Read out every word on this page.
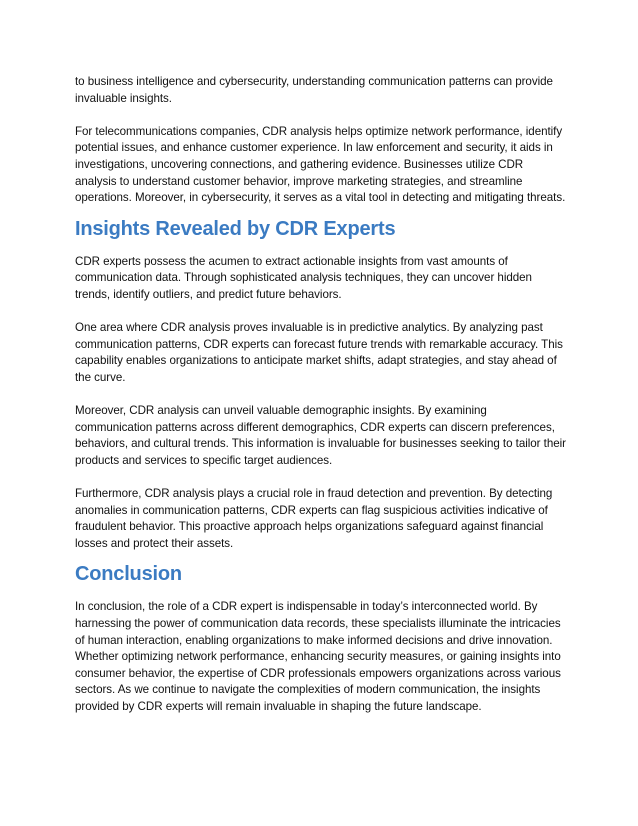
to business intelligence and cybersecurity, understanding communication patterns can provide invaluable insights.

For telecommunications companies, CDR analysis helps optimize network performance, identify potential issues, and enhance customer experience. In law enforcement and security, it aids in investigations, uncovering connections, and gathering evidence. Businesses utilize CDR analysis to understand customer behavior, improve marketing strategies, and streamline operations. Moreover, in cybersecurity, it serves as a vital tool in detecting and mitigating threats.

Insights Revealed by CDR Experts

CDR experts possess the acumen to extract actionable insights from vast amounts of communication data. Through sophisticated analysis techniques, they can uncover hidden trends, identify outliers, and predict future behaviors.

One area where CDR analysis proves invaluable is in predictive analytics. By analyzing past communication patterns, CDR experts can forecast future trends with remarkable accuracy. This capability enables organizations to anticipate market shifts, adapt strategies, and stay ahead of the curve.

Moreover, CDR analysis can unveil valuable demographic insights. By examining communication patterns across different demographics, CDR experts can discern preferences, behaviors, and cultural trends. This information is invaluable for businesses seeking to tailor their products and services to specific target audiences.

Furthermore, CDR analysis plays a crucial role in fraud detection and prevention. By detecting anomalies in communication patterns, CDR experts can flag suspicious activities indicative of fraudulent behavior. This proactive approach helps organizations safeguard against financial losses and protect their assets.

Conclusion

In conclusion, the role of a CDR expert is indispensable in today’s interconnected world. By harnessing the power of communication data records, these specialists illuminate the intricacies of human interaction, enabling organizations to make informed decisions and drive innovation. Whether optimizing network performance, enhancing security measures, or gaining insights into consumer behavior, the expertise of CDR professionals empowers organizations across various sectors. As we continue to navigate the complexities of modern communication, the insights provided by CDR experts will remain invaluable in shaping the future landscape.
